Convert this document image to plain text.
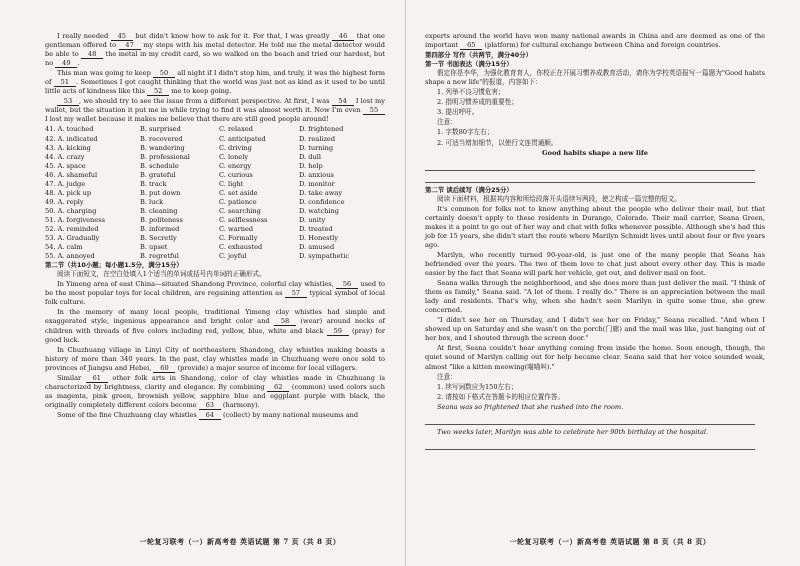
I really needed 45 but didn't know how to ask for it. For that, I was greatly 46 that one gentleman offered to 47 my steps with his metal detector. He told me the metal detector would be able to 48 the metal in my credit card, so we walked on the beach and tried our hardest, but no 49 .

This man was going to keep 50 all night if I didn't stop him, and truly, it was the highest form of 51 . Sometimes I got caught thinking that the world was just not as kind as it used to be until little acts of kindness like this 52 me to keep going.

53 , we should try to see the issue from a different perspective. At first, I was 54 I lost my wallet, but the situation it put me in while trying to find it was almost worth it. Now I'm even 55 I lost my wallet because it makes me believe that there are still good people around!

41. A. touched	B. surprised	C. relaxed	D. frightened
42. A. indicated	B. recovered	C. anticipated	D. realized
43. A. kicking	B. wandering	C. driving	D. turning
44. A. crazy	B. professional	C. lonely	D. dull
45. A. space	B. schedule	C. energy	D. help
46. A. shameful	B. grateful	C. curious	D. anxious
47. A. judge	B. track	C. light	D. monitor
48. A. pick up	B. put down	C. set aside	D. take away
49. A. reply	B. luck	C. patience	D. confidence
50. A. charging	B. cleaning	C. searching	D. watching
51. A. forgiveness	B. politeness	C. selflessness	D. unity
52. A. reminded	B. informed	C. warned	D. treated
53. A. Gradually	B. Secretly	C. Formally	D. Honestly
54. A. calm	B. upset	C. exhausted	D. amused
55. A. annoyed	B. regretful	C. joyful	D. sympathetic
第二节（共10小题；每小题1.5分，满分15分）

阅读下面短文，在空白处填入1个适当的单词或括号内单词的正确形式。

In Yimeng area of east China—situated Shandong Province, colorful clay whistles, 56 used to be the most popular toys for local children, are regaining attention as 57 typical symbol of local folk culture.

In the memory of many local people, traditional Yimeng clay whistles had simple and exaggerated style, ingenious appearance and bright color and 58 (wear) around necks of children with threads of five colors including red, yellow, blue, white and black 59 (pray) for good luck.

In Chuzhuang village in Linyi City of northeastern Shandong, clay whistles making boasts a history of more than 340 years. In the past, clay whistles made in Chuzhuang were once sold to provinces of Jiangsu and Hebei, 60 (provide) a major source of income for local villagers.

Similar 61 other folk arts in Shandong, color of clay whistles made in Chuzhuang is characterized by brightness, clarity and elegance. By combining 62 (common) used colors such as magenta, pink green, brownish yellow, sapphire blue and eggplant purple with black, the originally completely different colors become 63 (harmony).

Some of the fine Chuzhuang clay whistles 64 (collect) by many national museums and

experts around the world have won many national awards in China and are deemed as one of the important 65 (platform) for cultural exchange between China and foreign countries.

第四部分 写作（共两节，满分40分）
第一节 书面表达（满分15分）

假定你是李华，为强化教育育人，你校正在开展习惯养成教育活动，请你为学校英语报写一篇题为"Good habits shape a new life"的报道，内容如下：

1. 列举不良习惯危害；

2. 指明习惯养成的重要性；

3. 提出呼吁。

注意：

1. 字数80字左右；

2. 可适当增加细节，以使行文连贯通顺。

Good habits shape a new life

第二节 读后续写（满分25分）

阅读下面材料，根据其内容和所给段落开头语续写两段，使之构成一篇完整的短文。

It's common for folks not to know anything about the people who deliver their mail, but that certainly doesn't apply to these residents in Durango, Colorado. Their mail carrier, Seana Green, makes it a point to go out of her way and chat with folks whenever possible. Although she's had this job for 15 years, she didn't start the route where Marilyn Schmidt lives until about four or five years ago.

Marilyn, who recently turned 90-year-old, is just one of the many people that Seana has befriended over the years. The two of them love to chat just about every other day. This is made easier by the fact that Seana will park her vehicle, get out, and deliver mail on foot.

Seana walks through the neighborhood, and she does more than just deliver the mail. "I think of them as family," Seana said. "A lot of them. I really do." There is an appreciation between the mail lady and residents. That's why, when she hadn't seen Marilyn in quite some time, she grew concerned.

"I didn't see her on Thursday, and I didn't see her on Friday," Seana recalled. "And when I showed up on Saturday and she wasn't on the porch(门廊) and the mail was like, just hanging out of her box, and I shouted through the screen door."

At first, Seana couldn't hear anything coming from inside the home. Soon enough, though, the quiet sound of Marilyn calling out for help became clear. Seana said that her voice sounded weak, almost "like a kitten meowing(喵喵叫)."

注意：

1. 续写词数应为150左右；

2. 请按如下格式在答题卡的相应位置作答。

Seana was so frightened that she rushed into the room.

Two weeks later, Marilyn was able to celebrate her 90th birthday at the hospital.

一轮复习联考（一）新高考卷 英语试题 第 7 页（共 8 页）	一轮复习联考（一）新高考卷 英语试题 第 8 页（共 8 页）
